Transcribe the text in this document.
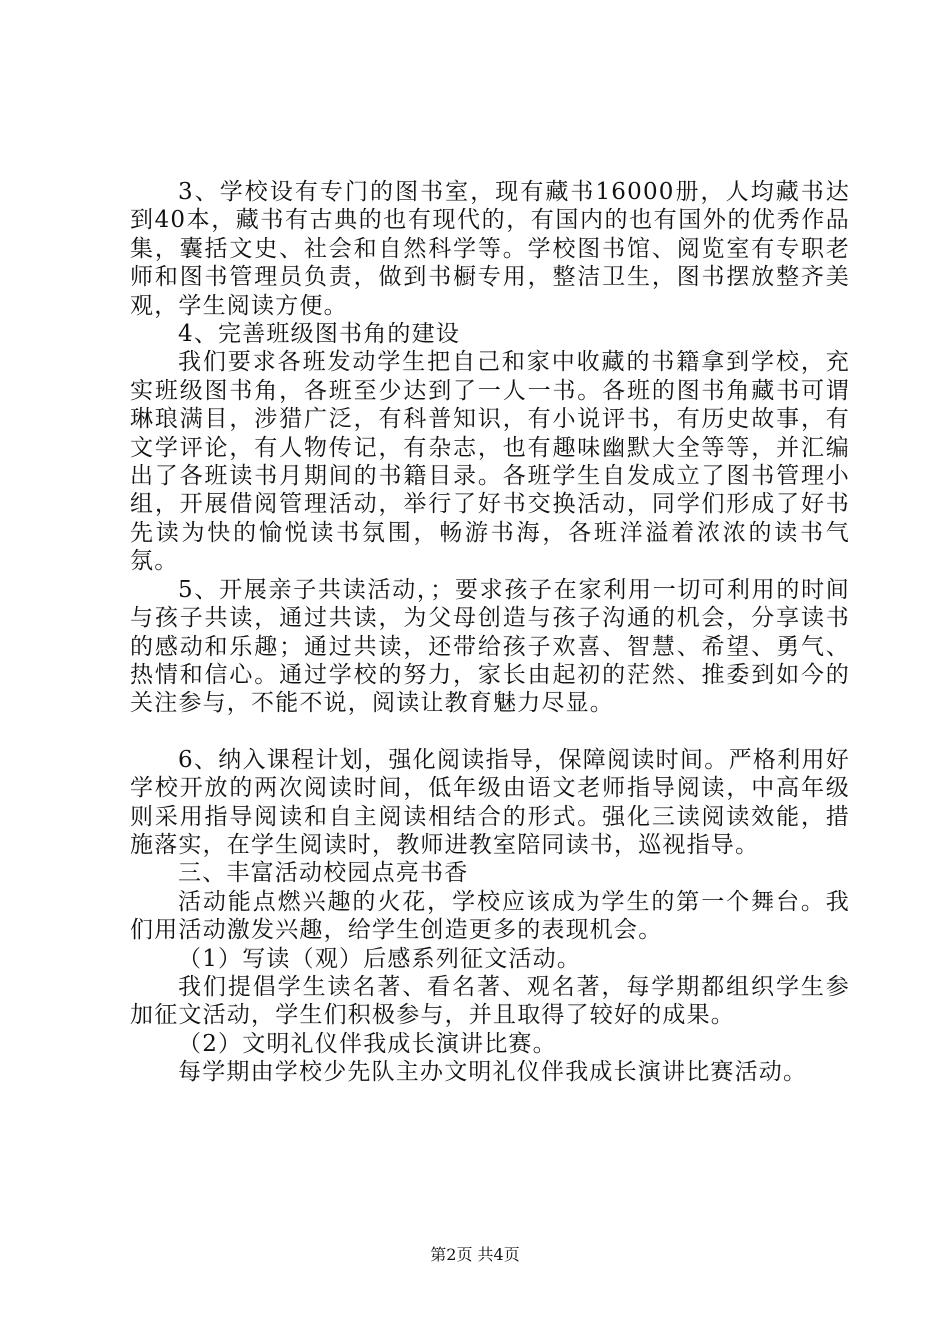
3、学校设有专门的图书室，现有藏书16000册，人均藏书达到40本，藏书有古典的也有现代的，有国内的也有国外的优秀作品集，囊括文史、社会和自然科学等。学校图书馆、阅览室有专职老师和图书管理员负责，做到书橱专用，整洁卫生，图书摆放整齐美观，学生阅读方便。

4、完善班级图书角的建设

我们要求各班发动学生把自己和家中收藏的书籍拿到学校，充实班级图书角，各班至少达到了一人一书。各班的图书角藏书可谓琳琅满目，涉猎广泛，有科普知识，有小说评书，有历史故事，有文学评论，有人物传记，有杂志，也有趣味幽默大全等等，并汇编出了各班读书月期间的书籍目录。各班学生自发成立了图书管理小组，开展借阅管理活动，举行了好书交换活动，同学们形成了好书先读为快的愉悦读书氛围，畅游书海，各班洋溢着浓浓的读书气氛。

5、开展亲子共读活动，；要求孩子在家利用一切可利用的时间与孩子共读，通过共读，为父母创造与孩子沟通的机会，分享读书的感动和乐趣；通过共读，还带给孩子欢喜、智慧、希望、勇气、热情和信心。通过学校的努力，家长由起初的茫然、推委到如今的关注参与，不能不说，阅读让教育魅力尽显。

6、纳入课程计划，强化阅读指导，保障阅读时间。严格利用好学校开放的两次阅读时间，低年级由语文老师指导阅读，中高年级则采用指导阅读和自主阅读相结合的形式。强化三读阅读效能，措施落实，在学生阅读时，教师进教室陪同读书，巡视指导。

三、丰富活动校园点亮书香

活动能点燃兴趣的火花，学校应该成为学生的第一个舞台。我们用活动激发兴趣，给学生创造更多的表现机会。

（1）写读（观）后感系列征文活动。

我们提倡学生读名著、看名著、观名著，每学期都组织学生参加征文活动，学生们积极参与，并且取得了较好的成果。

（2）文明礼仪伴我成长演讲比赛。

每学期由学校少先队主办文明礼仪伴我成长演讲比赛活动。

第2页 共4页
